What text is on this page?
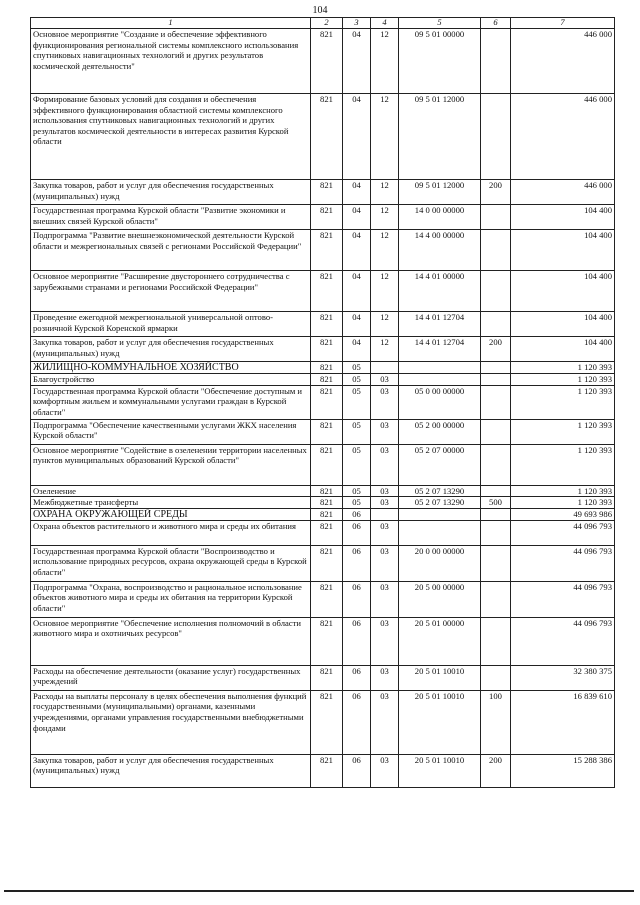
104
1	2	3	4	5	6	7
Основное мероприятие "Создание и обеспечение эффективного функционирования региональной системы комплексного использования спутниковых навигационных технологий и других результатов космической деятельности"	821	04	12	09 5 01 00000		446 000
Формирование базовых условий для создания и обеспечения эффективного функционирования областной системы комплексного использования спутниковых навигационных технологий и других результатов космической деятельности в интересах развития Курской области	821	04	12	09 5 01 12000		446 000
Закупка товаров, работ и услуг для обеспечения государственных (муниципальных) нужд	821	04	12	09 5 01 12000	200	446 000
Государственная программа Курской области "Развитие экономики и внешних связей Курской области"	821	04	12	14 0 00 00000		104 400
Подпрограмма "Развитие внешнеэкономической деятельности Курской области и межрегиональных связей с регионами Российской Федерации"	821	04	12	14 4 00 00000		104 400
Основное мероприятие "Расширение двустороннего сотрудничества с зарубежными странами и регионами Российской Федерации"	821	04	12	14 4 01 00000		104 400
Проведение ежегодной межрегиональной универсальной оптово-розничной Курской Коренской ярмарки	821	04	12	14 4 01 12704		104 400
Закупка товаров, работ и услуг для обеспечения государственных (муниципальных) нужд	821	04	12	14 4 01 12704	200	104 400
ЖИЛИЩНО-КОММУНАЛЬНОЕ ХОЗЯЙСТВО	821	05				1 120 393
Благоустройство	821	05	03			1 120 393
Государственная программа Курской области "Обеспечение доступным и комфортным жильем и коммунальными услугами граждан в Курской области"	821	05	03	05 0 00 00000		1 120 393
Подпрограмма "Обеспечение качественными услугами ЖКХ населения Курской области"	821	05	03	05 2 00 00000		1 120 393
Основное мероприятие "Содействие в озеленении территории населенных пунктов муниципальных образований Курской области"	821	05	03	05 2 07 00000		1 120 393
Озеленение	821	05	03	05 2 07 13290		1 120 393
Межбюджетные трансферты	821	05	03	05 2 07 13290	500	1 120 393
ОХРАНА ОКРУЖАЮЩЕЙ СРЕДЫ	821	06				49 693 986
Охрана объектов растительного и животного мира и среды их обитания	821	06	03			44 096 793
Государственная программа Курской области "Воспроизводство и использование природных ресурсов, охрана окружающей среды в Курской области"	821	06	03	20 0 00 00000		44 096 793
Подпрограмма "Охрана, воспроизводство и рациональное использование объектов животного мира и среды их обитания на территории Курской области"	821	06	03	20 5 00 00000		44 096 793
Основное мероприятие "Обеспечение исполнения полномочий в области животного мира и охотничьих ресурсов"	821	06	03	20 5 01 00000		44 096 793
Расходы на обеспечение деятельности (оказание услуг) государственных учреждений	821	06	03	20 5 01 10010		32 380 375
Расходы на выплаты персоналу в целях обеспечения выполнения функций государственными (муниципальными) органами, казенными учреждениями, органами управления государственными внебюджетными фондами	821	06	03	20 5 01 10010	100	16 839 610
Закупка товаров, работ и услуг для обеспечения государственных (муниципальных) нужд	821	06	03	20 5 01 10010	200	15 288 386
